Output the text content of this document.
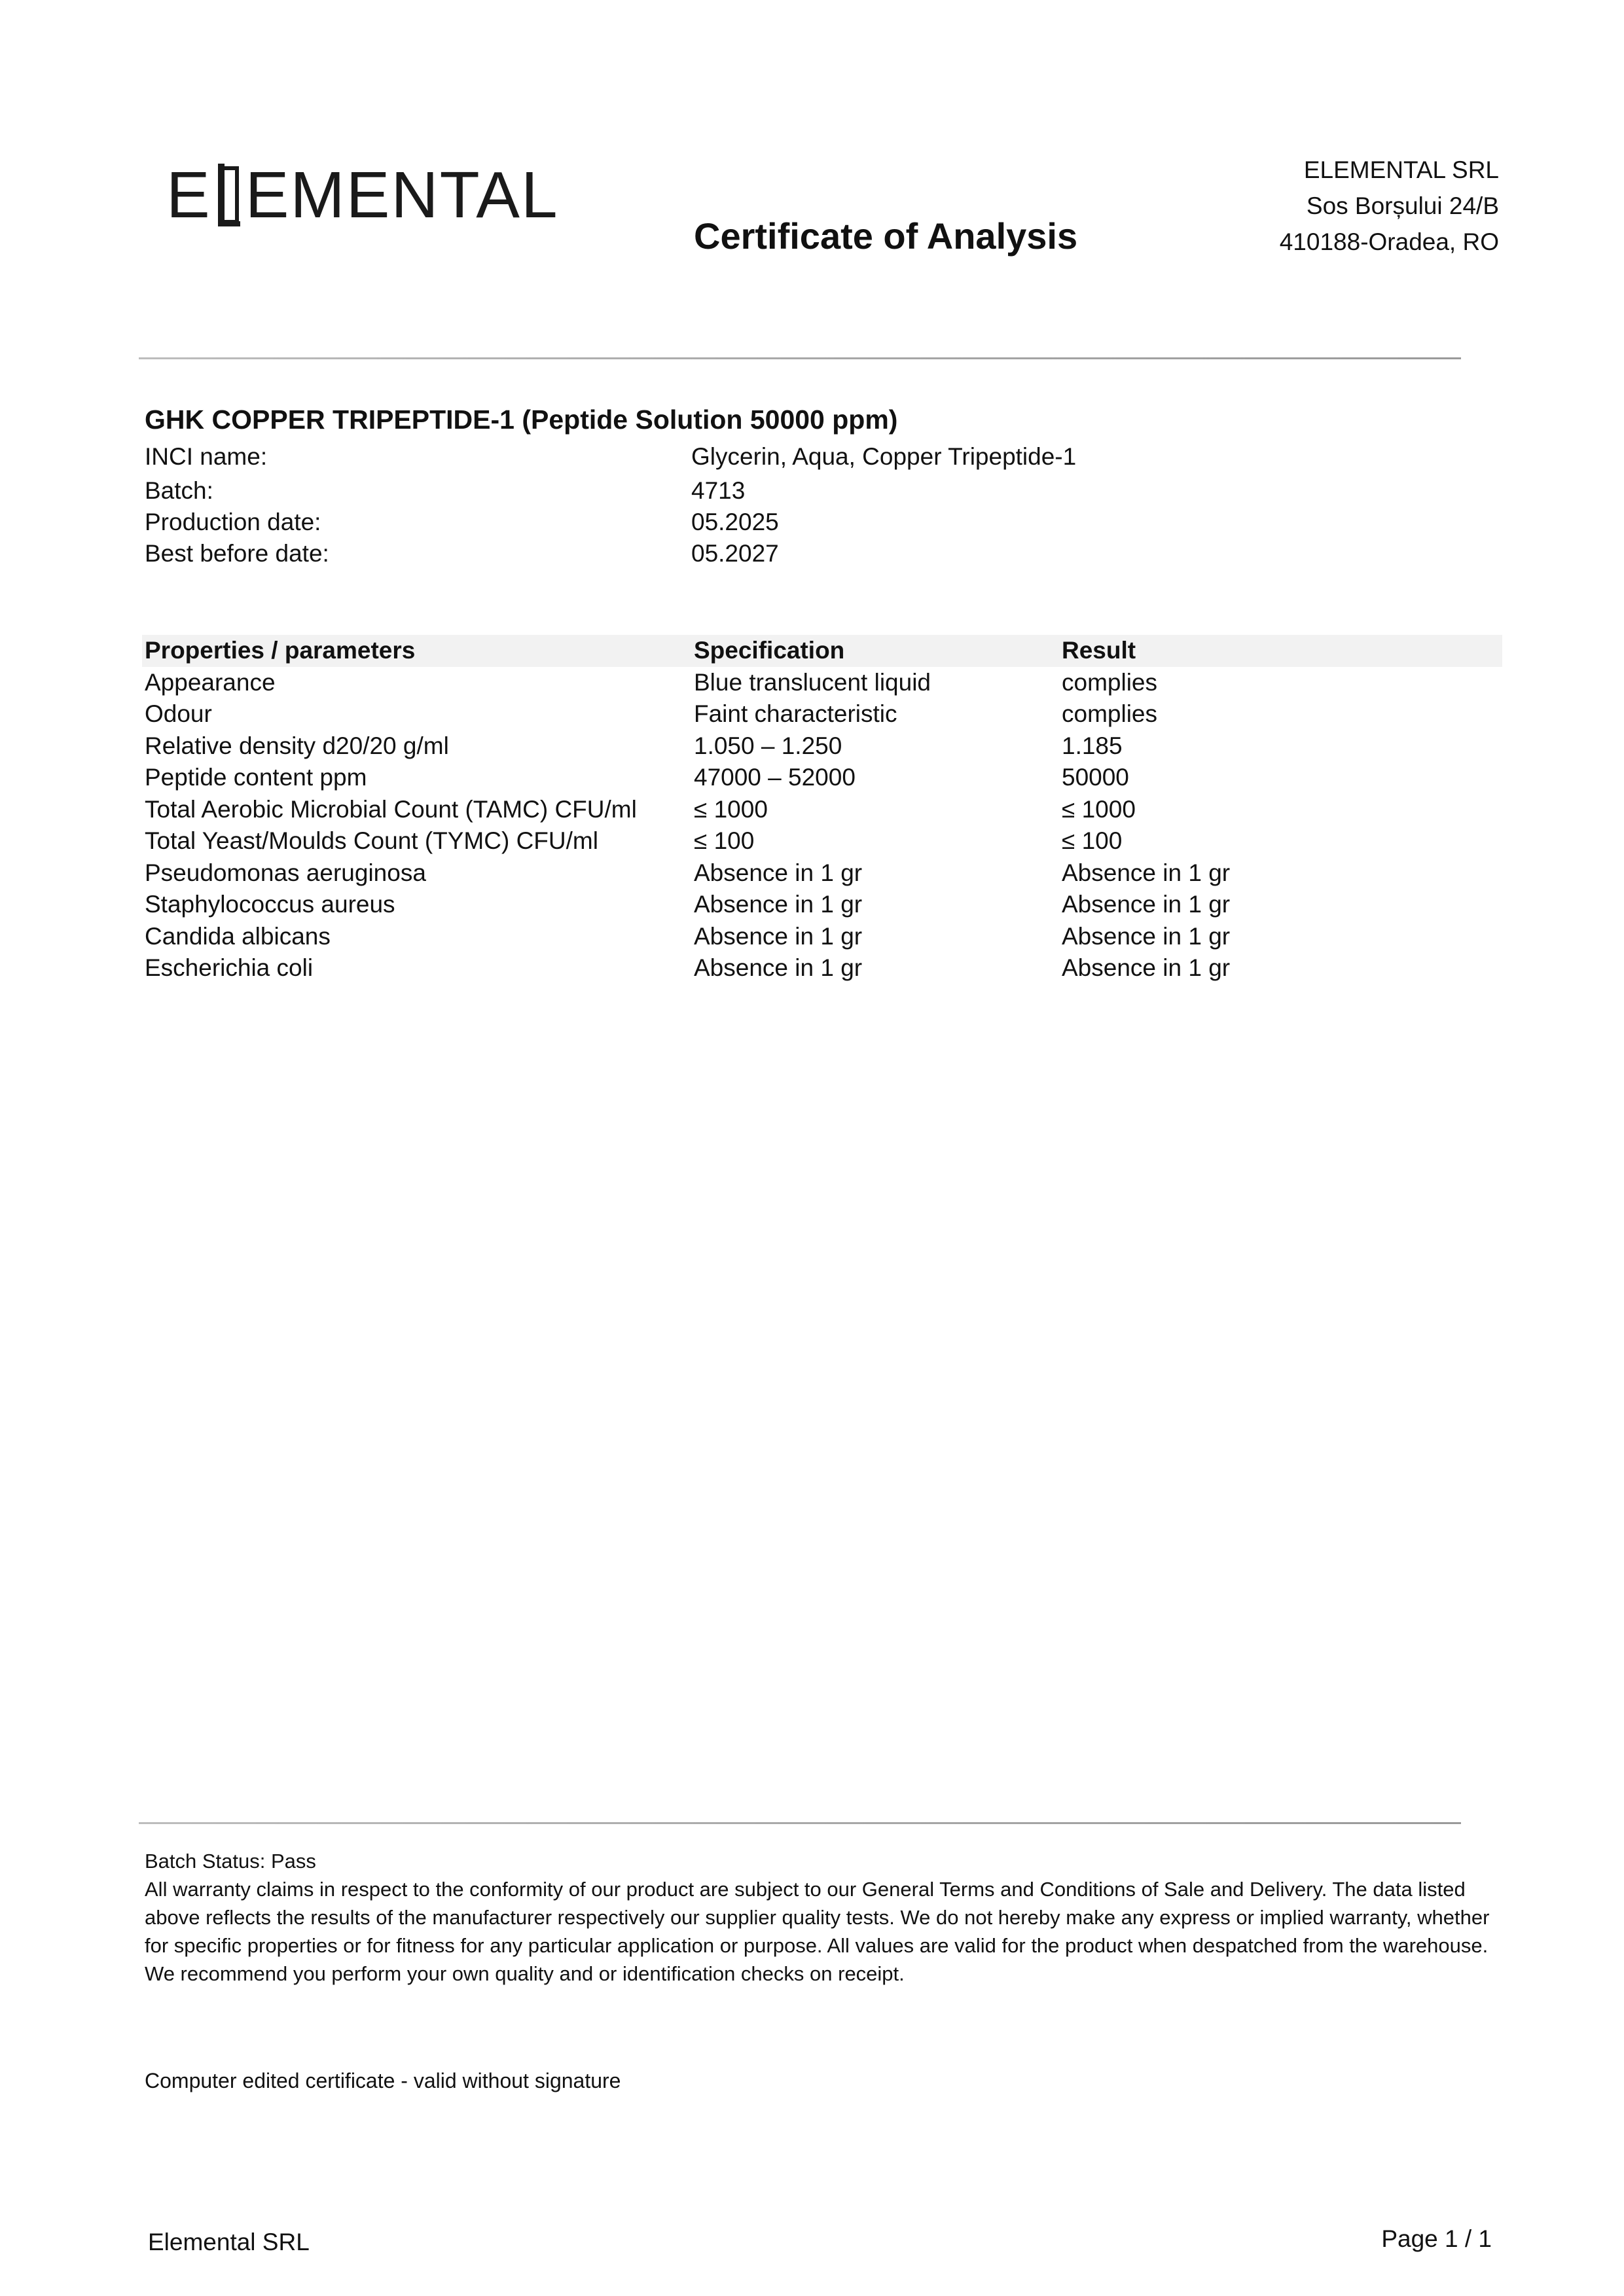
E EMENTAL
Certificate of Analysis
ELEMENTAL SRL
Sos Borșului 24/B
410188-Oradea, RO
GHK COPPER TRIPEPTIDE-1 (Peptide Solution 50000 ppm)
INCI name:	Glycerin, Aqua, Copper Tripeptide-1
Batch:	4713
Production date:	05.2025
Best before date:	05.2027
Properties / parameters	Specification	Result
Appearance	Blue translucent liquid	complies
Odour	Faint characteristic	complies
Relative density d20/20 g/ml	1.050 – 1.250	1.185
Peptide content ppm	47000 – 52000	50000
Total Aerobic Microbial Count (TAMC) CFU/ml	≤ 1000	≤ 1000
Total Yeast/Moulds Count (TYMC) CFU/ml	≤ 100	≤ 100
Pseudomonas aeruginosa	Absence in 1 gr	Absence in 1 gr
Staphylococcus aureus	Absence in 1 gr	Absence in 1 gr
Candida albicans	Absence in 1 gr	Absence in 1 gr
Escherichia coli	Absence in 1 gr	Absence in 1 gr
Batch Status: Pass
All warranty claims in respect to the conformity of our product are subject to our General Terms and Conditions of Sale and Delivery. The data listed above reflects the results of the manufacturer respectively our supplier quality tests. We do not hereby make any express or implied warranty, whether for specific properties or for fitness for any particular application or purpose. All values are valid for the product when despatched from the warehouse. We recommend you perform your own quality and or identification checks on receipt.
Computer edited certificate - valid without signature
Elemental SRL	Page 1 / 1
